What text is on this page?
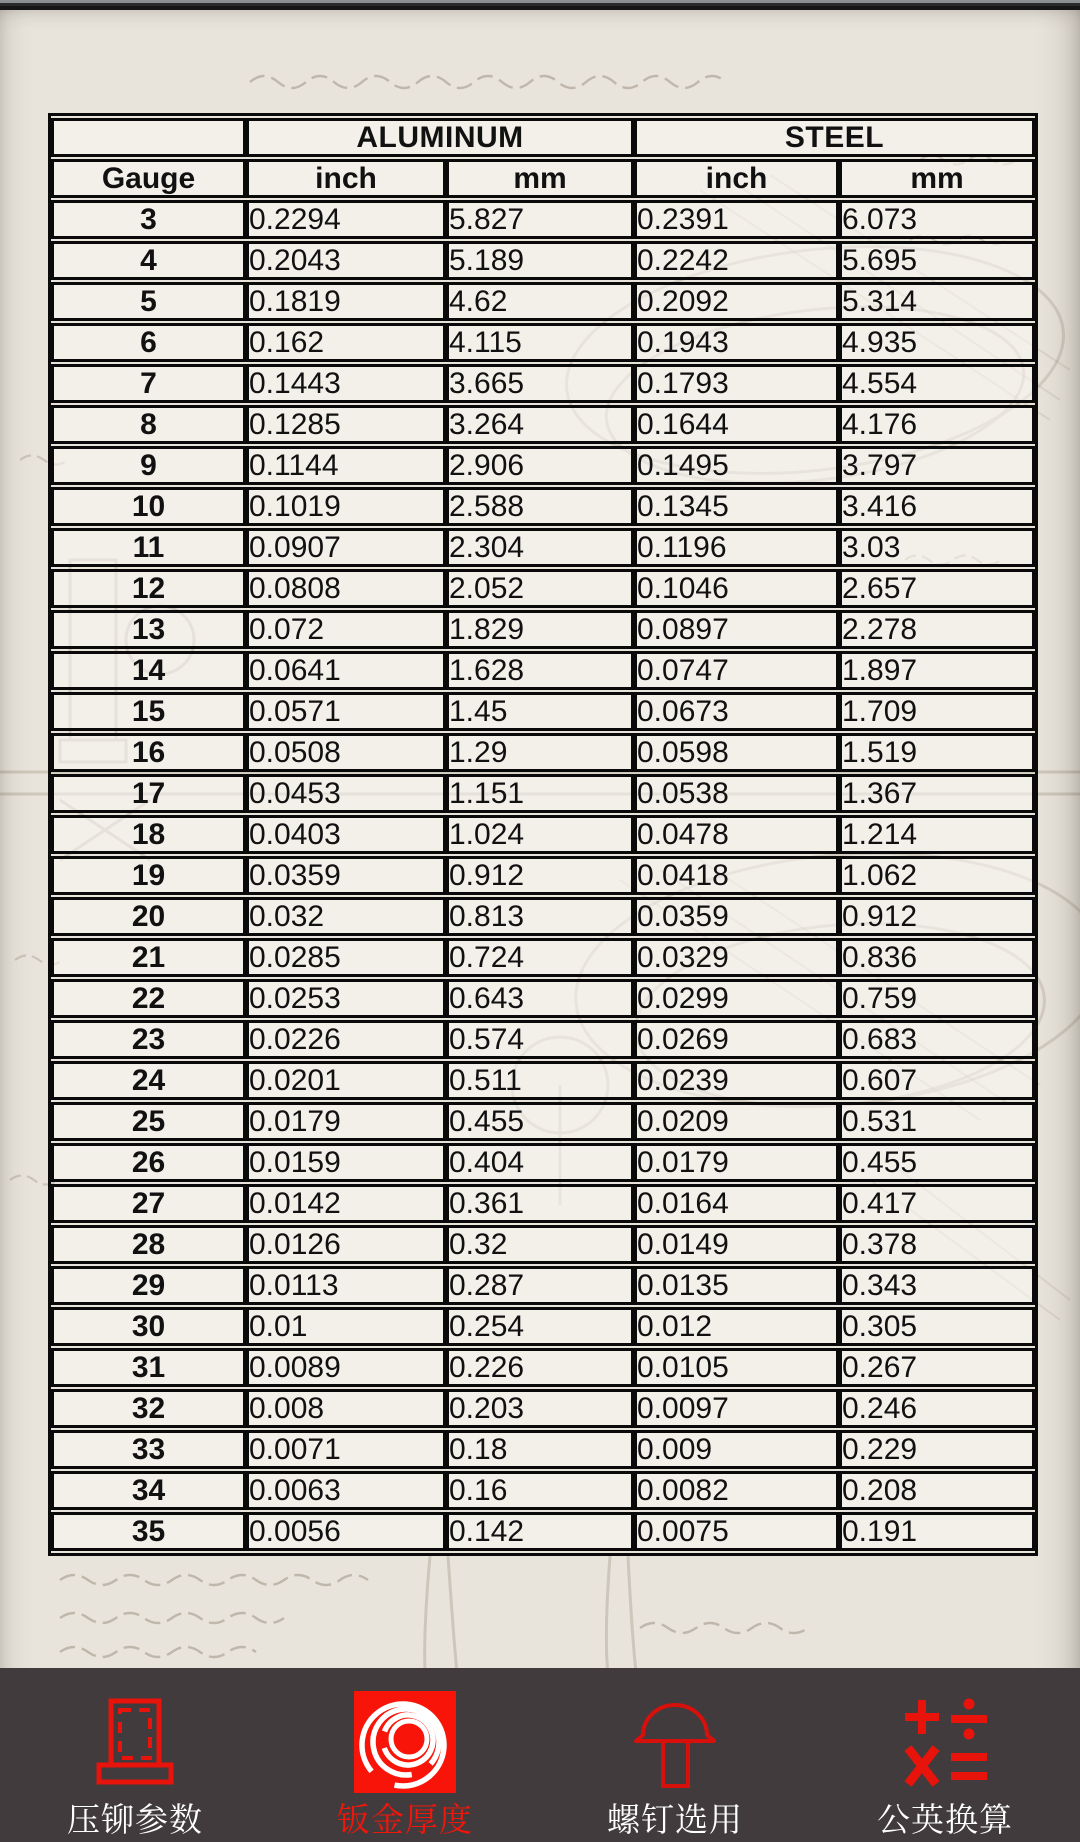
	ALUMINUM		STEEL	
Gauge	inch	mm	inch	mm
3	0.2294	5.827	0.2391	6.073
4	0.2043	5.189	0.2242	5.695
5	0.1819	4.62	0.2092	5.314
6	0.162	4.115	0.1943	4.935
7	0.1443	3.665	0.1793	4.554
8	0.1285	3.264	0.1644	4.176
9	0.1144	2.906	0.1495	3.797
10	0.1019	2.588	0.1345	3.416
11	0.0907	2.304	0.1196	3.03
12	0.0808	2.052	0.1046	2.657
13	0.072	1.829	0.0897	2.278
14	0.0641	1.628	0.0747	1.897
15	0.0571	1.45	0.0673	1.709
16	0.0508	1.29	0.0598	1.519
17	0.0453	1.151	0.0538	1.367
18	0.0403	1.024	0.0478	1.214
19	0.0359	0.912	0.0418	1.062
20	0.032	0.813	0.0359	0.912
21	0.0285	0.724	0.0329	0.836
22	0.0253	0.643	0.0299	0.759
23	0.0226	0.574	0.0269	0.683
24	0.0201	0.511	0.0239	0.607
25	0.0179	0.455	0.0209	0.531
26	0.0159	0.404	0.0179	0.455
27	0.0142	0.361	0.0164	0.417
28	0.0126	0.32	0.0149	0.378
29	0.0113	0.287	0.0135	0.343
30	0.01	0.254	0.012	0.305
31	0.0089	0.226	0.0105	0.267
32	0.008	0.203	0.0097	0.246
33	0.0071	0.18	0.009	0.229
34	0.0063	0.16	0.0082	0.208
35	0.0056	0.142	0.0075	0.191
压铆参数	钣金厚度	螺钉选用	公英换算
